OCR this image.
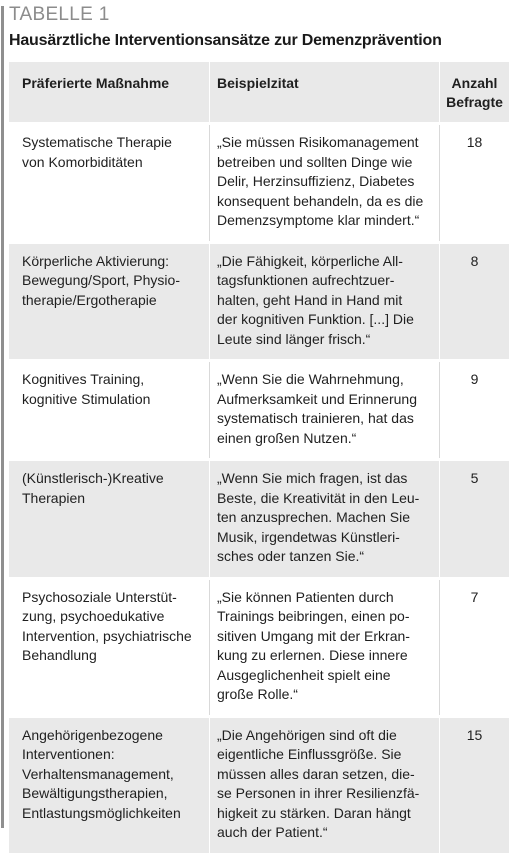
TABELLE 1
Hausärztliche Interventionsansätze zur Demenzprävention
Präferierte Maßnahme	Beispielzitat	Anzahl
Befragte
Systematische Therapie
von Komorbiditäten
„Sie müssen Risikomanagement
betreiben und sollten Dinge wie
Delir, Herzinsuffizienz, Diabetes
konsequent behandeln, da es die
Demenzsymptome klar mindert.“
18
Körperliche Aktivierung:
Bewegung/Sport, Physio-
therapie/Ergotherapie
„Die Fähigkeit, körperliche All-
tagsfunktionen aufrechtzuer-
halten, geht Hand in Hand mit
der kognitiven Funktion. [...] Die
Leute sind länger frisch.“
8
Kognitives Training,
kognitive Stimulation
„Wenn Sie die Wahrnehmung,
Aufmerksamkeit und Erinnerung
systematisch trainieren, hat das
einen großen Nutzen.“
9
(Künstlerisch-)Kreative
Therapien
„Wenn Sie mich fragen, ist das
Beste, die Kreativität in den Leu-
ten anzusprechen. Machen Sie
Musik, irgendetwas Künstleri-
sches oder tanzen Sie.“
5
Psychosoziale Unterstüt-
zung, psychoedukative
Intervention, psychiatrische
Behandlung
„Sie können Patienten durch
Trainings beibringen, einen po-
sitiven Umgang mit der Erkran-
kung zu erlernen. Diese innere
Ausgeglichenheit spielt eine
große Rolle.“
7
Angehörigenbezogene
Interventionen:
Verhaltensmanagement,
Bewältigungstherapien,
Entlastungsmöglichkeiten
„Die Angehörigen sind oft die
eigentliche Einflussgröße. Sie
müssen alles daran setzen, die-
se Personen in ihrer Resilienzfä-
higkeit zu stärken. Daran hängt
auch der Patient.“
15
